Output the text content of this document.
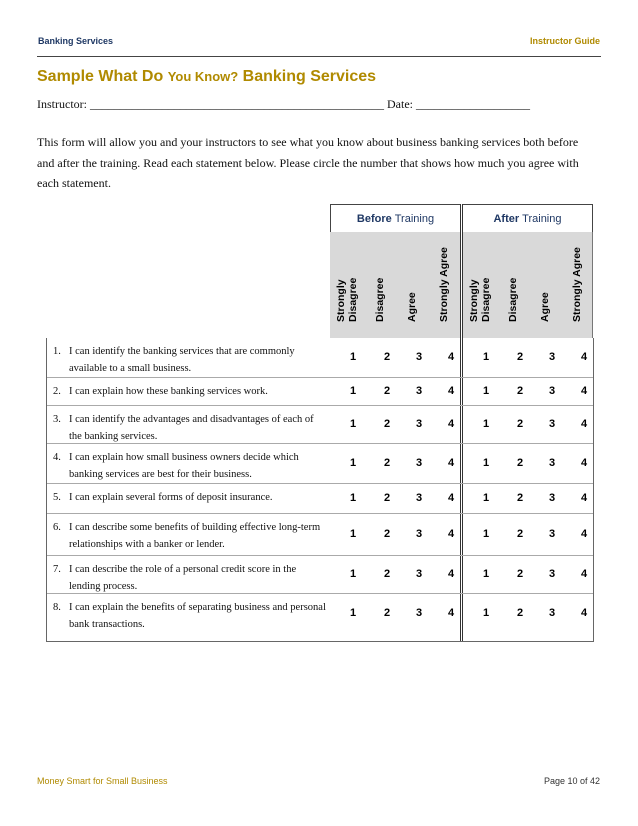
Banking Services	Instructor Guide
Sample What Do You Know? Banking Services
Instructor: _________________________________________________ Date: ___________________
This form will allow you and your instructors to see what you know about business banking services both before and after the training. Read each statement below. Please circle the number that shows how much you agree with each statement.
Before Training	After Training
Strongly Disagree Disagree Agree Strongly Agree Strongly Disagree Disagree Agree Strongly Agree
1. I can identify the banking services that are commonly available to a small business.
1	2	3	4	1	2	3	4
2. I can explain how these banking services work.	1	2	3	4	1	2	3	4
3. I can identify the advantages and disadvantages of each of the banking services.
1	2	3	4	1	2	3	4
4. I can explain how small business owners decide which banking services are best for their business.
1	2	3	4	1	2	3	4
5. I can explain several forms of deposit insurance.	1	2	3	4	1	2	3	4
6. I can describe some benefits of building effective long-term relationships with a banker or lender.
1	2	3	4	1	2	3	4
7. I can describe the role of a personal credit score in the lending process.
1	2	3	4	1	2	3	4
8. I can explain the benefits of separating business and personal bank transactions.
1	2	3	4	1	2	3	4
Money Smart for Small Business	Page 10 of 42
